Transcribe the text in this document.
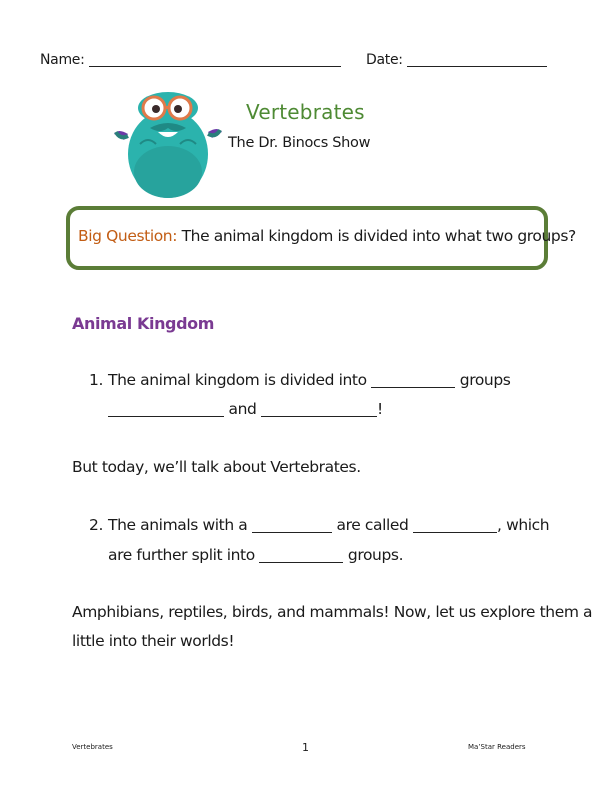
Name:	Date:
Vertebrates
The Dr. Binocs Show
Big Question: The animal kingdom is divided into what two groups?
Animal Kingdom
1. The animal kingdom is divided into	groups
and	!
But today, we’ll talk about Vertebrates.
2. The animals with a	are called	, which
are further split into	groups.
Amphibians, reptiles, birds, and mammals! Now, let us explore them a
little into their worlds!
Vertebrates	1	Ma’Star Readers
